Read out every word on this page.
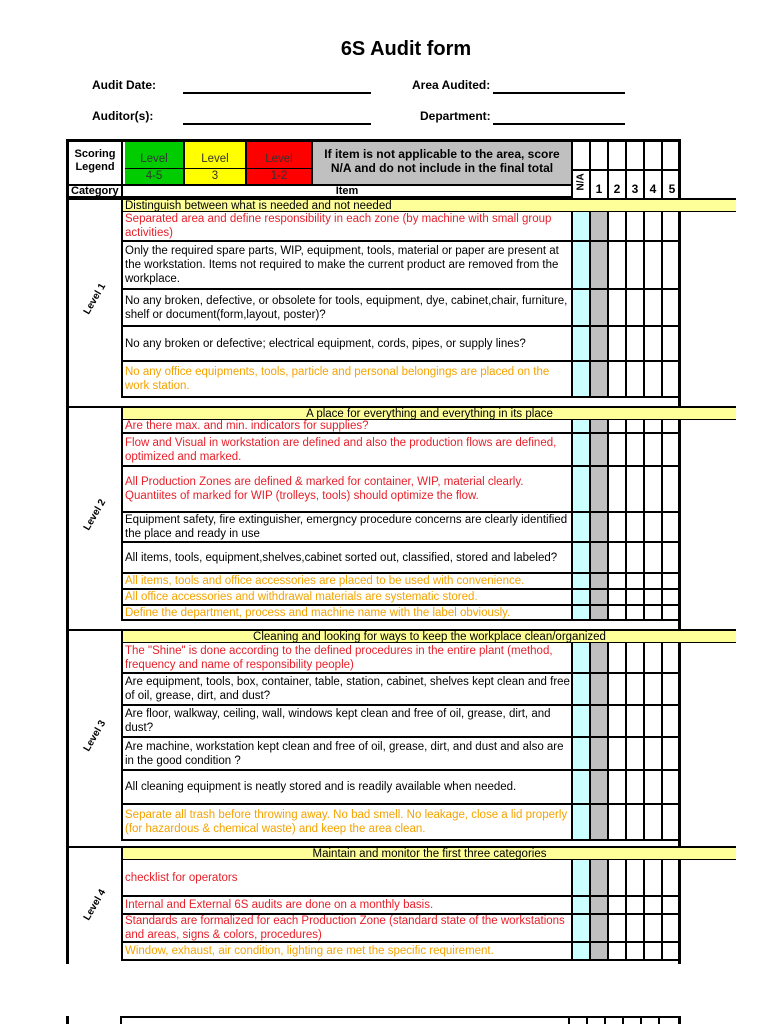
6S Audit form
Audit Date:	Area Audited:
Auditor(s):	Department:
Scoring Legend
Level
4-5
Level
3
Level
1-2
If item is not applicable to the area, score N/A and do not include in the final total
Category	Item
N/A 1 2 3 4	5
Level 1
Distinguish between what is needed and not needed
Separated area and define responsibility in each zone (by machine with small group activities)
Only the required spare parts, WIP, equipment, tools, material or paper are present at the workstation. Items not required to make the current product are removed from the workplace.
No any broken, defective, or obsolete for tools, equipment, dye, cabinet,chair, furniture, shelf or document(form,layout, poster)?
No any broken or defective; electrical equipment, cords, pipes, or supply lines?
No any office equipments, tools, particle and personal belongings are placed on the work station.
Level 2
A place for everything and everything in its place
Are there max. and min. indicators for supplies?
Flow and Visual in workstation are defined and also the production flows are defined, optimized and marked.
All Production Zones are defined & marked for container, WIP, material clearly. Quantiites of marked for WIP (trolleys, tools) should optimize the flow.
Equipment safety, fire extinguisher, emergncy procedure concerns are clearly identified the place and ready in use
All items, tools, equipment,shelves,cabinet sorted out, classified, stored and labeled?
All items, tools and office accessories are placed to be used with convenience.
All office accessories and withdrawal materials are systematic stored.
Define the department, process and machine name with the label obviously.
Level 3
Cleaning and looking for ways to keep the workplace clean/organized
The "Shine" is done according to the defined procedures in the entire plant (method, frequency and name of responsibility people)
Are equipment, tools, box, container, table, station, cabinet, shelves kept clean and free of oil, grease, dirt, and dust?
Are floor, walkway, ceiling, wall, windows kept clean and free of oil, grease, dirt, and dust?
Are machine, workstation kept clean and free of oil, grease, dirt, and dust and also are in the good condition ?
All cleaning equipment is neatly stored and is readily available when needed.
Separate all trash before throwing away. No bad smell. No leakage, close a lid properly (for hazardous & chemical waste) and keep the area clean.
Level 4
Maintain and monitor the first three categories
checklist for operators
Internal and External 6S audits are done on a monthly basis.
Standards are formalized for each Production Zone (standard state of the workstations and areas, signs & colors, procedures)
Window, exhaust, air condition, lighting are met the specific requirement.
